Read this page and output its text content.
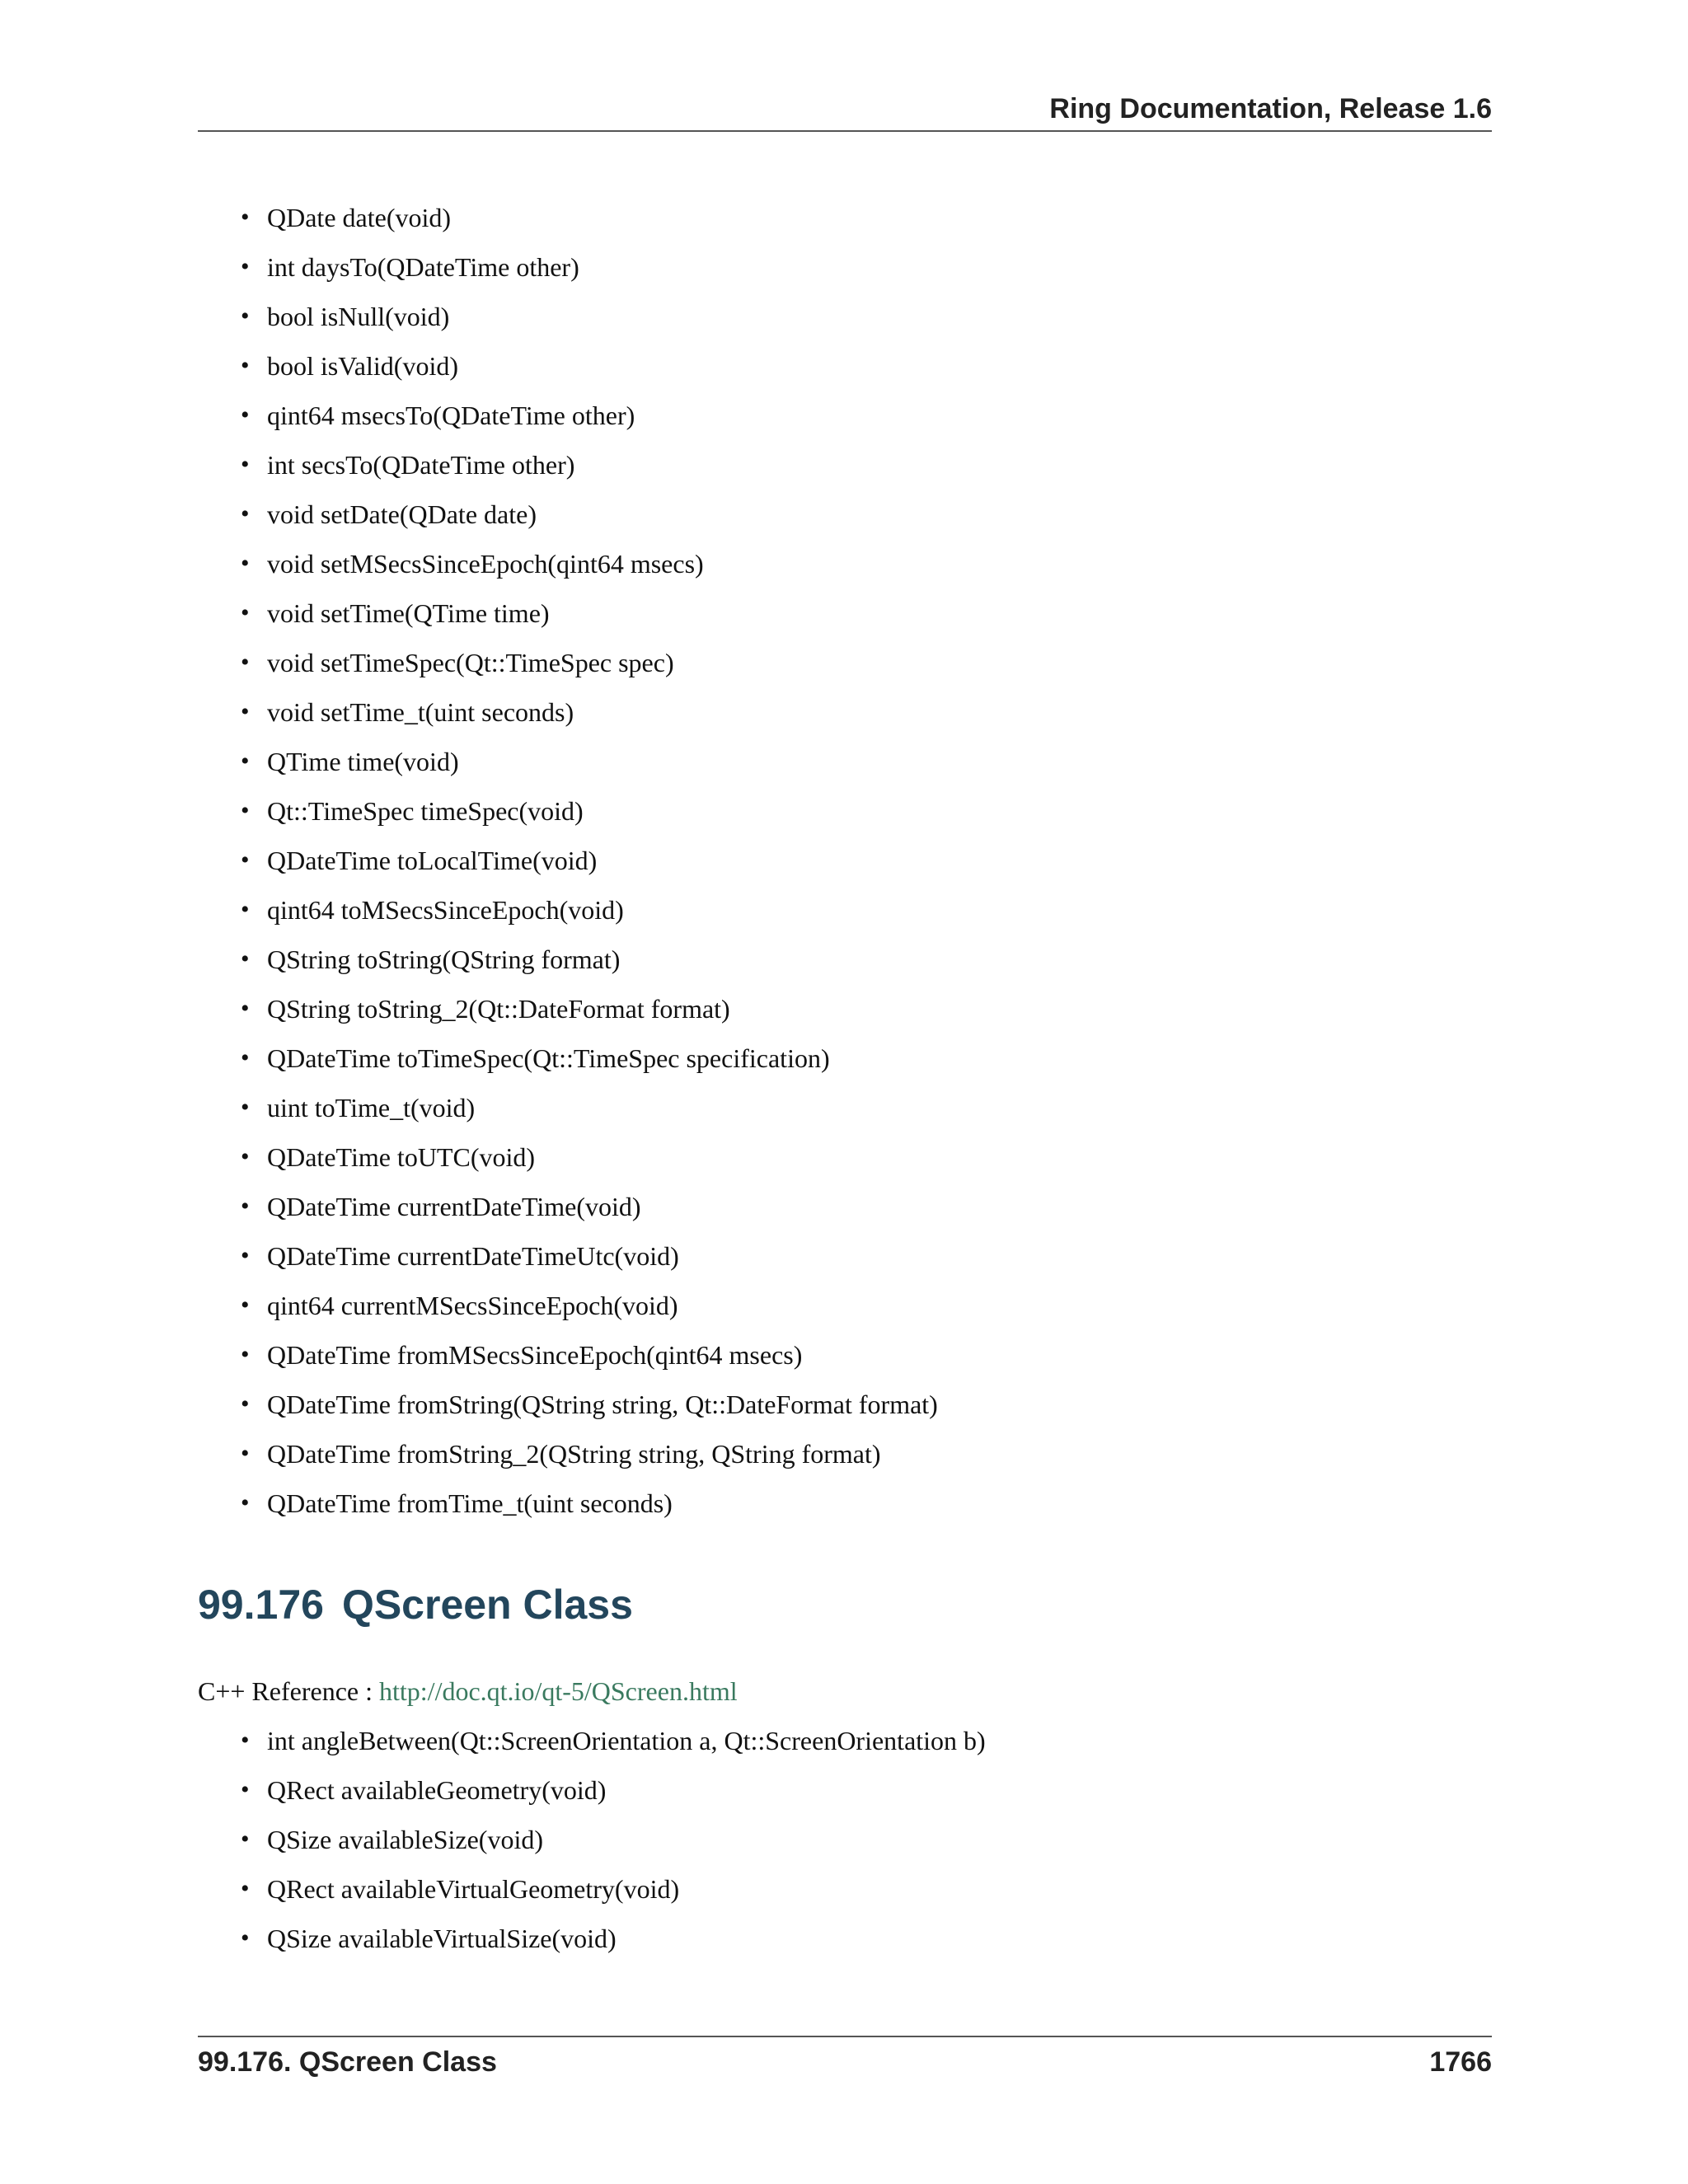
Ring Documentation, Release 1.6
• QDate date(void)
• int daysTo(QDateTime other)
• bool isNull(void)
• bool isValid(void)
• qint64 msecsTo(QDateTime other)
• int secsTo(QDateTime other)
• void setDate(QDate date)
• void setMSecsSinceEpoch(qint64 msecs)
• void setTime(QTime time)
• void setTimeSpec(Qt::TimeSpec spec)
• void setTime_t(uint seconds)
• QTime time(void)
• Qt::TimeSpec timeSpec(void)
• QDateTime toLocalTime(void)
• qint64 toMSecsSinceEpoch(void)
• QString toString(QString format)
• QString toString_2(Qt::DateFormat format)
• QDateTime toTimeSpec(Qt::TimeSpec specification)
• uint toTime_t(void)
• QDateTime toUTC(void)
• QDateTime currentDateTime(void)
• QDateTime currentDateTimeUtc(void)
• qint64 currentMSecsSinceEpoch(void)
• QDateTime fromMSecsSinceEpoch(qint64 msecs)
• QDateTime fromString(QString string, Qt::DateFormat format)
• QDateTime fromString_2(QString string, QString format)
• QDateTime fromTime_t(uint seconds)
99.176 QScreen Class
C++ Reference : http://doc.qt.io/qt-5/QScreen.html
• int angleBetween(Qt::ScreenOrientation a, Qt::ScreenOrientation b)
• QRect availableGeometry(void)
• QSize availableSize(void)
• QRect availableVirtualGeometry(void)
• QSize availableVirtualSize(void)
99.176. QScreen Class	1766
